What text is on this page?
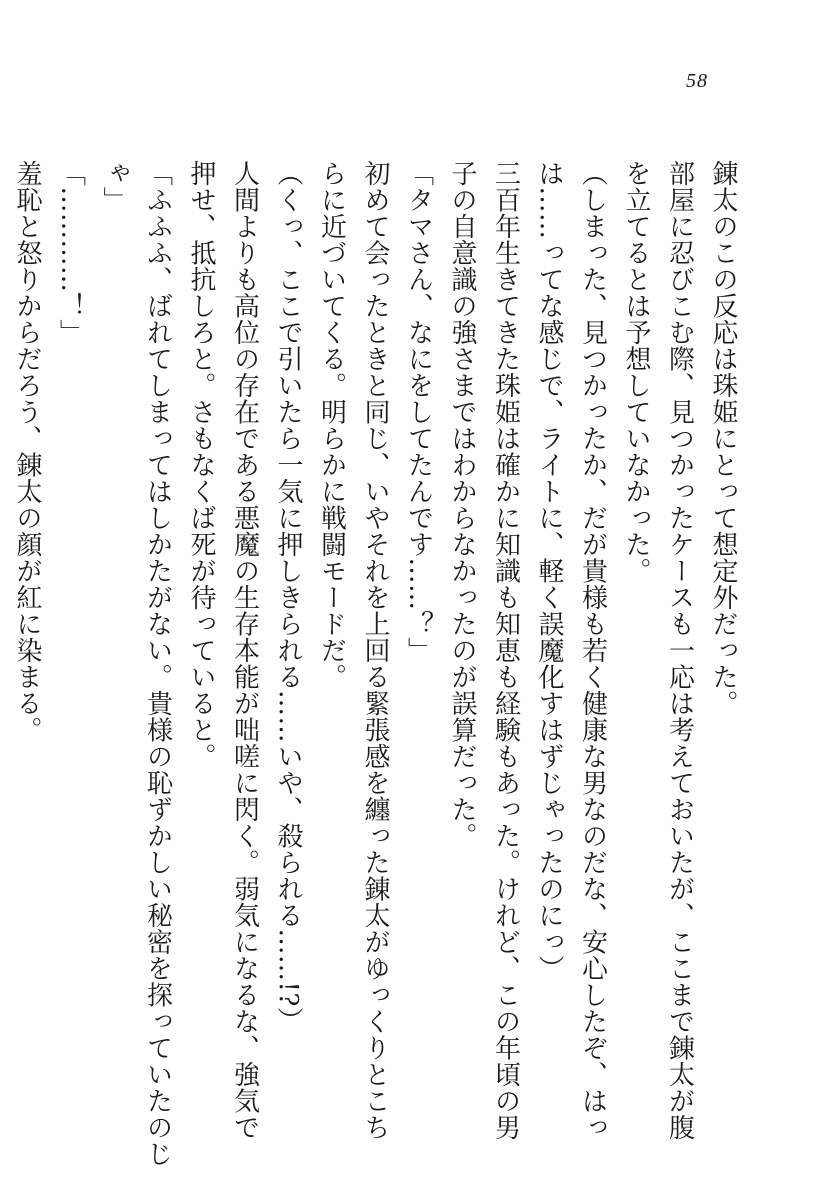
58
錬太のこの反応は珠姫にとって想定外だった。
部屋に忍びこむ際、見つかったケースも一応は考えておいたが、ここまで錬太が腹
を立てるとは予想していなかった。
（しまった、見つかったか、だが貴様も若く健康な男なのだな、安心したぞ、はっ
は……ってな感じで、ライトに、軽く誤魔化すはずじゃったのにっ）
三百年生きてきた珠姫は確かに知識も知恵も経験もあった。けれど、この年頃の男
子の自意識の強さまではわからなかったのが誤算だった。
「タマさん、なにをしてたんです……？」
初めて会ったときと同じ、いやそれを上回る緊張感を纏った錬太がゆっくりとこち
らに近づいてくる。明らかに戦闘モードだ。
（くっ、ここで引いたら一気に押しきられる……いや、殺られる……!?）
人間よりも高位の存在である悪魔の生存本能が咄嗟に閃く。弱気になるな、強気で
押せ、抵抗しろと。さもなくば死が待っていると。
「ふふふ、ばれてしまってはしかたがない。貴様の恥ずかしい秘密を探っていたのじ
ゃ」
「…………！」
羞恥と怒りからだろう、錬太の顔が紅に染まる。
